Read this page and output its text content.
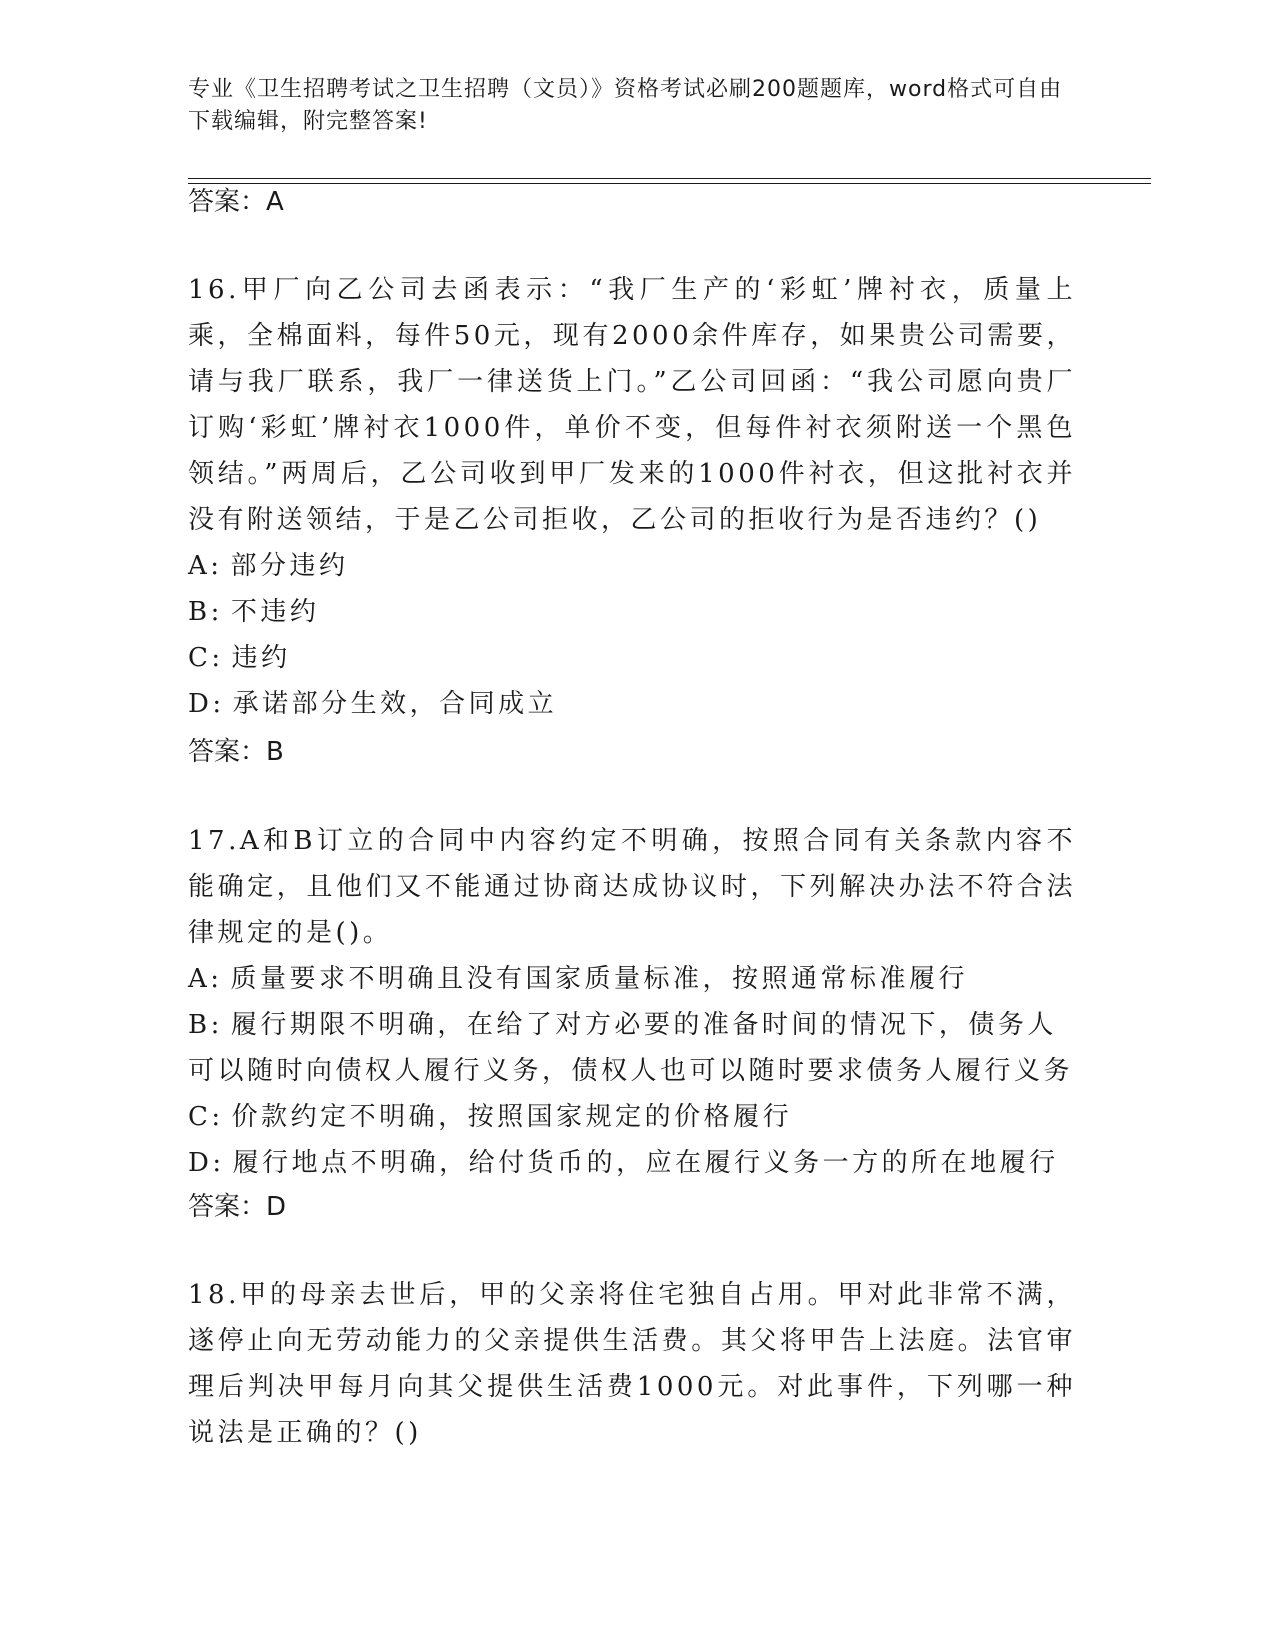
专业《卫生招聘考试之卫生招聘（文员）》资格考试必刷200题题库，word格式可自由下载编辑，附完整答案!
答案：A
16.甲厂向乙公司去函表示：“我厂生产的‘彩虹’牌衬衣，质量上乘，全棉面料，每件50元，现有2000余件库存，如果贵公司需要，请与我厂联系，我厂一律送货上门。”乙公司回函：“我公司愿向贵厂订购‘彩虹’牌衬衣1000件，单价不变，但每件衬衣须附送一个黑色领结。”两周后，乙公司收到甲厂发来的1000件衬衣，但这批衬衣并没有附送领结，于是乙公司拒收，乙公司的拒收行为是否违约？()
A: 部分违约
B: 不违约
C: 违约
D: 承诺部分生效，合同成立
答案：B
17.A和B订立的合同中内容约定不明确，按照合同有关条款内容不能确定，且他们又不能通过协商达成协议时，下列解决办法不符合法律规定的是()。
A: 质量要求不明确且没有国家质量标准，按照通常标准履行
B: 履行期限不明确，在给了对方必要的准备时间的情况下，债务人可以随时向债权人履行义务，债权人也可以随时要求债务人履行义务
C: 价款约定不明确，按照国家规定的价格履行
D: 履行地点不明确，给付货币的，应在履行义务一方的所在地履行
答案：D
18.甲的母亲去世后，甲的父亲将住宅独自占用。甲对此非常不满，遂停止向无劳动能力的父亲提供生活费。其父将甲告上法庭。法官审理后判决甲每月向其父提供生活费1000元。对此事件，下列哪一种说法是正确的？()
